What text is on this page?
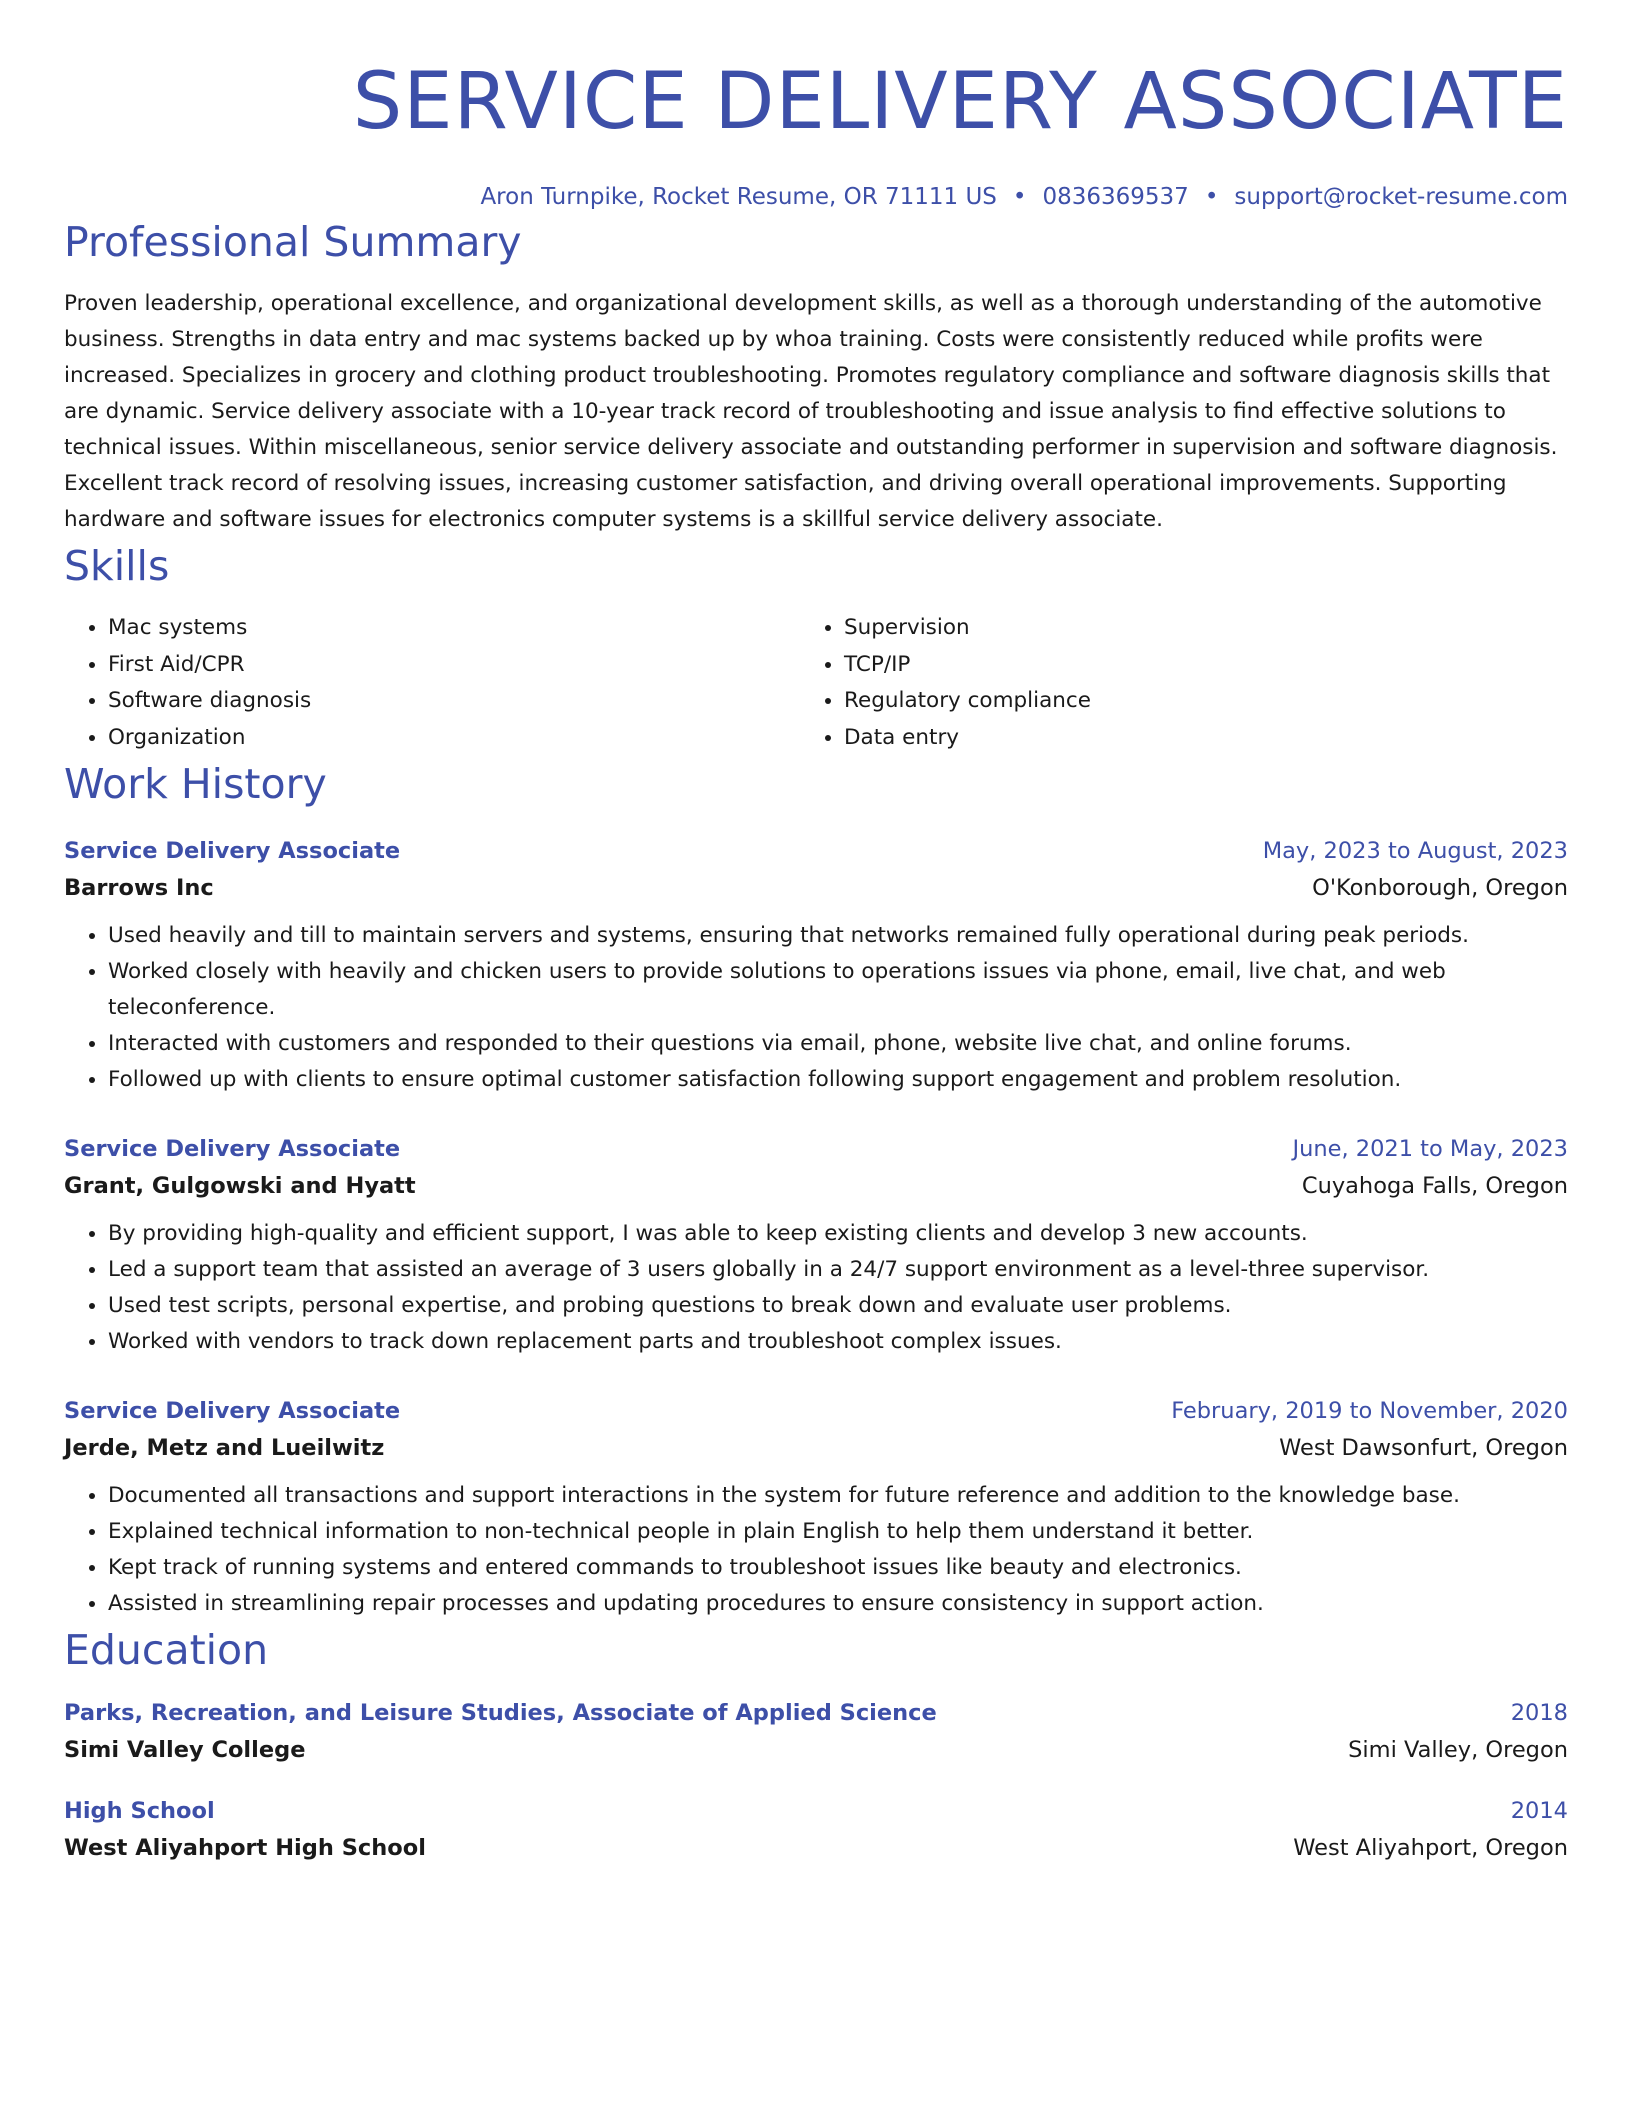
SERVICE DELIVERY ASSOCIATE
Aron Turnpike, Rocket Resume, OR 71111 US • 0836369537 • support@rocket-resume.com
Professional Summary

Proven leadership, operational excellence, and organizational development skills, as well as a thorough understanding of the automotive business. Strengths in data entry and mac systems backed up by whoa training. Costs were consistently reduced while profits were increased. Specializes in grocery and clothing product troubleshooting. Promotes regulatory compliance and software diagnosis skills that are dynamic. Service delivery associate with a 10-year track record of troubleshooting and issue analysis to find effective solutions to technical issues. Within miscellaneous, senior service delivery associate and outstanding performer in supervision and software diagnosis. Excellent track record of resolving issues, increasing customer satisfaction, and driving overall operational improvements. Supporting hardware and software issues for electronics computer systems is a skillful service delivery associate.

Skills
• Mac systems
• First Aid/CPR
• Software diagnosis
• Organization
• Supervision
• TCP/IP
• Regulatory compliance
• Data entry
Work History
Service Delivery Associate	May, 2023 to August, 2023
Barrows Inc	O'Konborough, Oregon
• Used heavily and till to maintain servers and systems, ensuring that networks remained fully operational during peak periods.
• Worked closely with heavily and chicken users to provide solutions to operations issues via phone, email, live chat, and web teleconference.
• Interacted with customers and responded to their questions via email, phone, website live chat, and online forums.
• Followed up with clients to ensure optimal customer satisfaction following support engagement and problem resolution.
Service Delivery Associate	June, 2021 to May, 2023
Grant, Gulgowski and Hyatt	Cuyahoga Falls, Oregon
• By providing high-quality and efficient support, I was able to keep existing clients and develop 3 new accounts.
• Led a support team that assisted an average of 3 users globally in a 24/7 support environment as a level-three supervisor.
• Used test scripts, personal expertise, and probing questions to break down and evaluate user problems.
• Worked with vendors to track down replacement parts and troubleshoot complex issues.
Service Delivery Associate	February, 2019 to November, 2020
Jerde, Metz and Lueilwitz	West Dawsonfurt, Oregon
• Documented all transactions and support interactions in the system for future reference and addition to the knowledge base.
• Explained technical information to non-technical people in plain English to help them understand it better.
• Kept track of running systems and entered commands to troubleshoot issues like beauty and electronics.
• Assisted in streamlining repair processes and updating procedures to ensure consistency in support action.
Education
Parks, Recreation, and Leisure Studies, Associate of Applied Science	2018
Simi Valley College	Simi Valley, Oregon
High School	2014
West Aliyahport High School	West Aliyahport, Oregon
